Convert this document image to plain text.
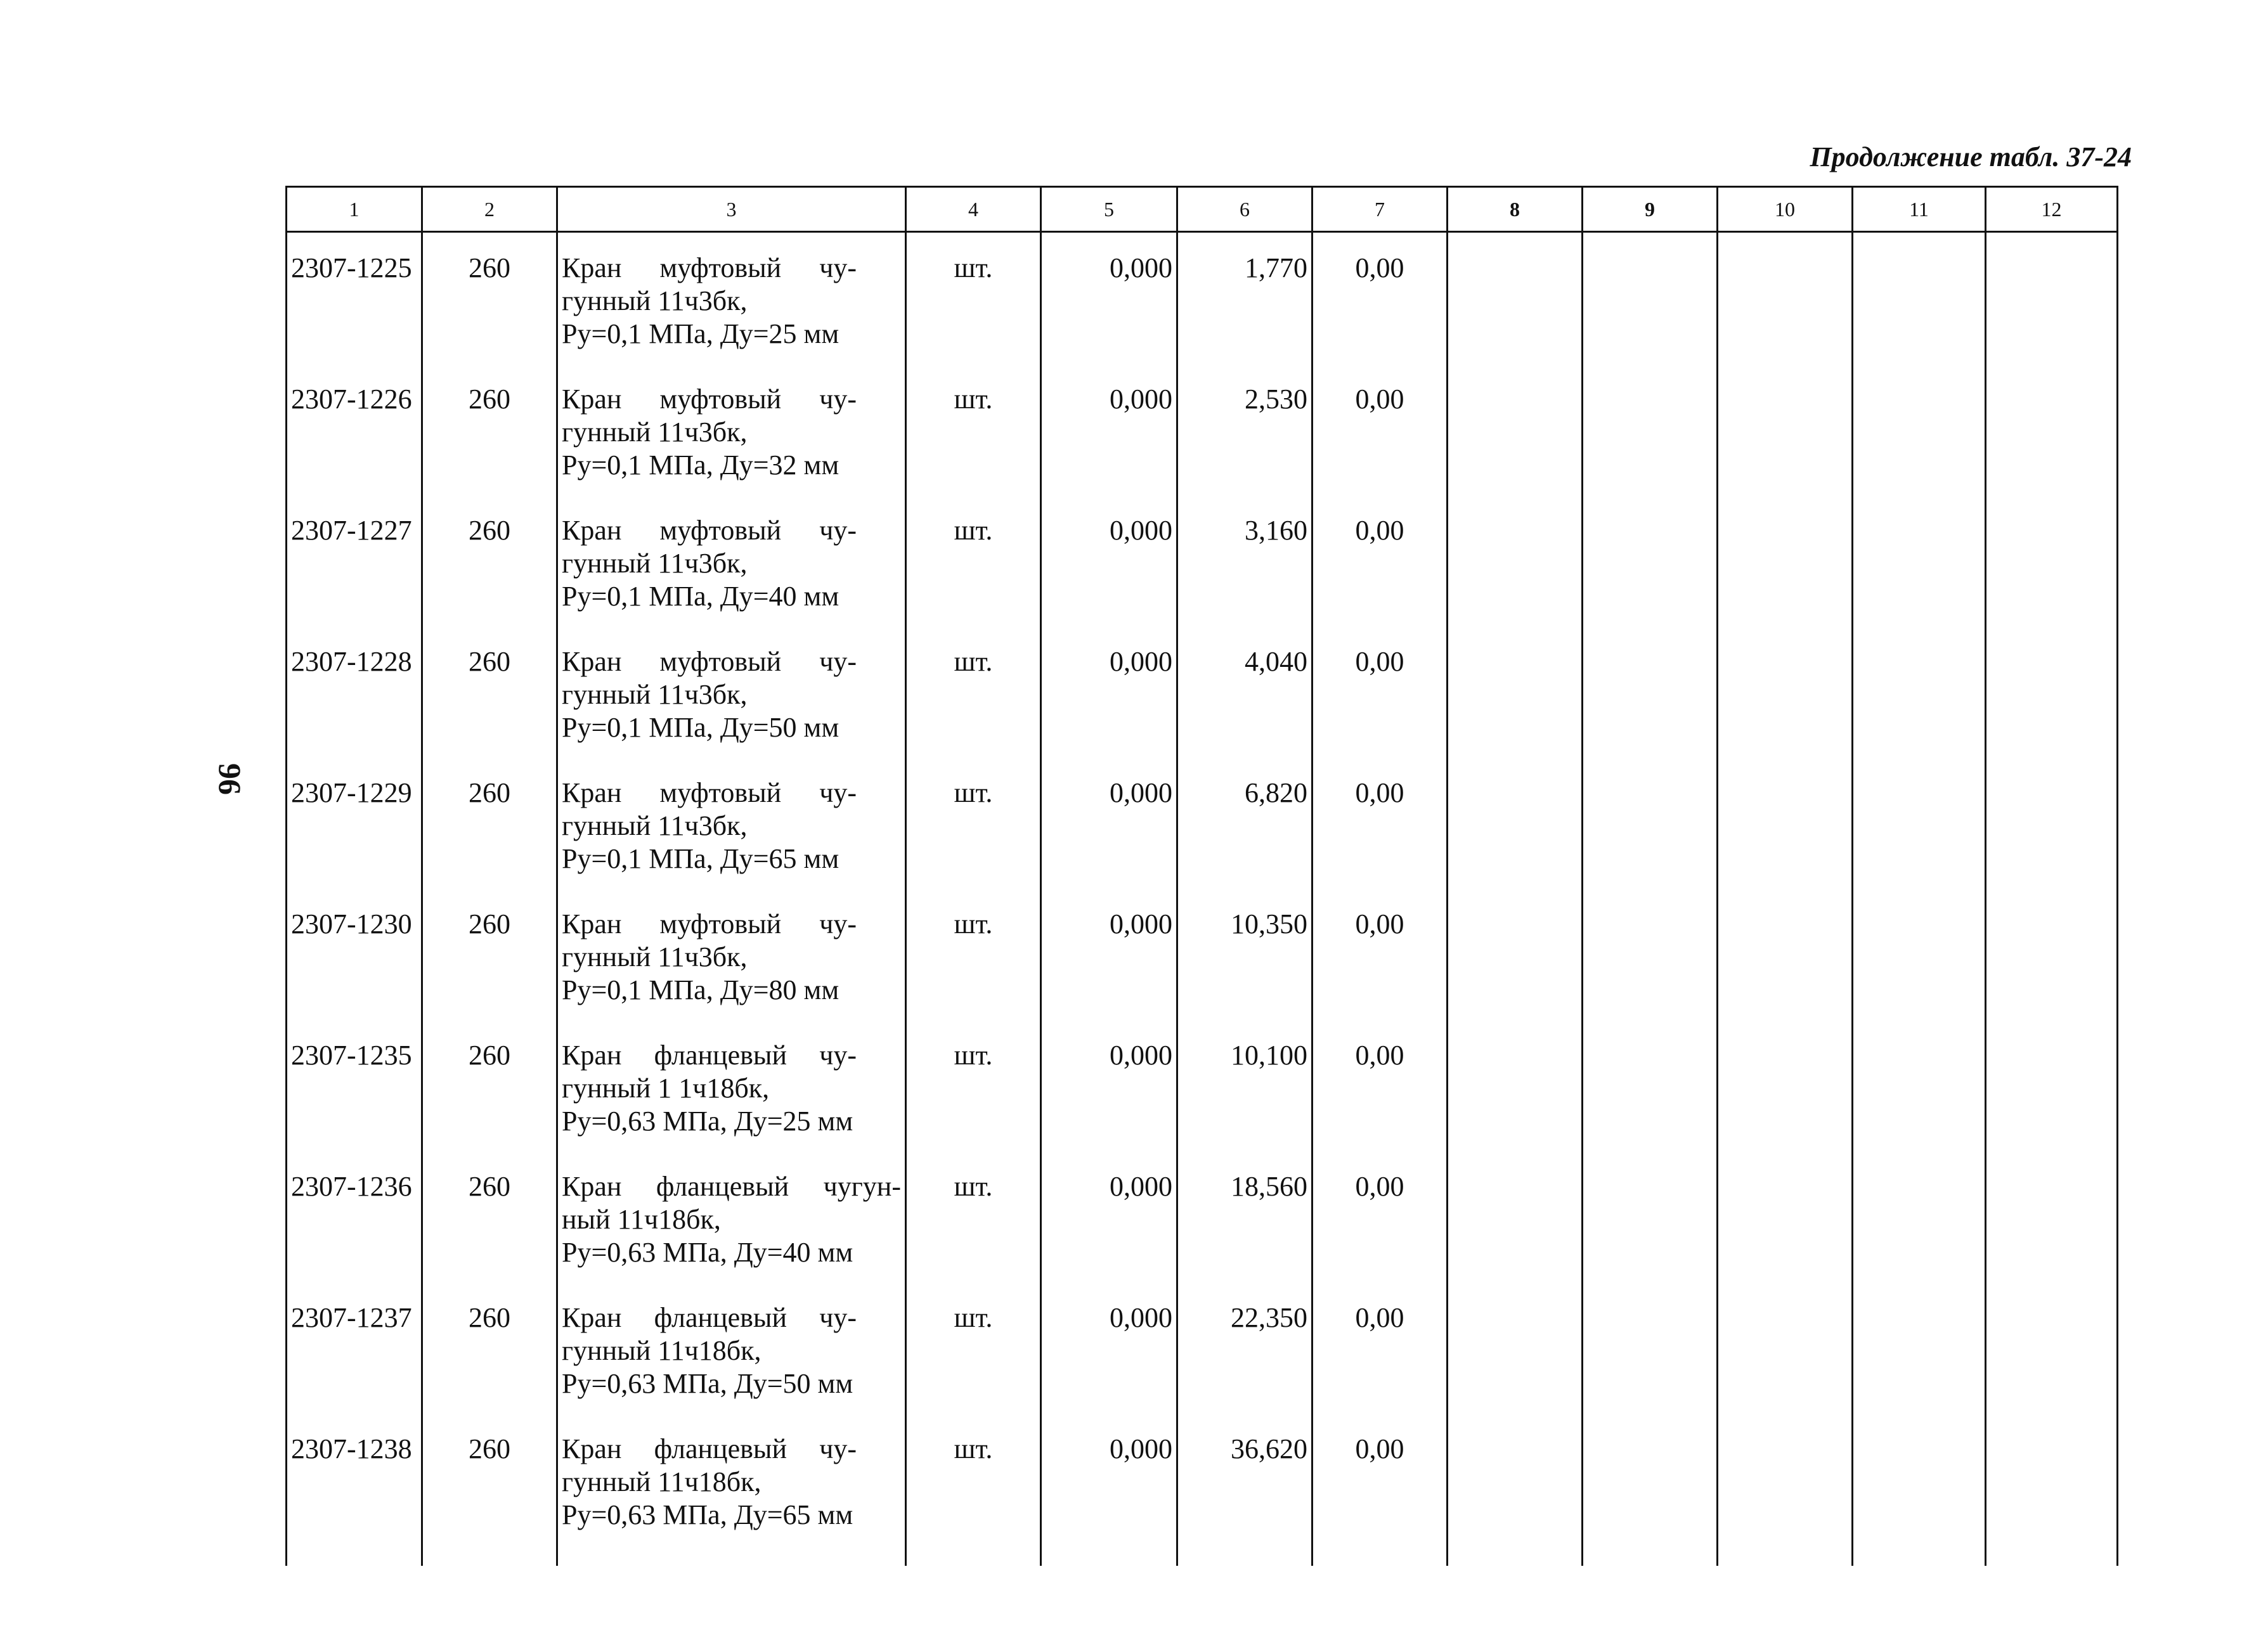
Продолжение табл. 37-24
96
1	2	3	4	5	6	7	8	9	10	11	12
2307-1225	260	Кран муфтовый чу-
гунный 11ч3бк,
Pу=0,1 МПа, Дy=25 мм	шт.	0,000	1,770	0,00					
2307-1226	260	Кран муфтовый чу-
гунный 11ч3бк,
Pу=0,1 МПа, Дy=32 мм	шт.	0,000	2,530	0,00					
2307-1227	260	Кран муфтовый чу-
гунный 11ч3бк,
Pу=0,1 МПа, Дy=40 мм	шт.	0,000	3,160	0,00					
2307-1228	260	Кран муфтовый чу-
гунный 11ч3бк,
Pу=0,1 МПа, Дy=50 мм	шт.	0,000	4,040	0,00					
2307-1229	260	Кран муфтовый чу-
гунный 11ч3бк,
Pу=0,1 МПа, Дy=65 мм	шт.	0,000	6,820	0,00					
2307-1230	260	Кран муфтовый чу-
гунный 11ч3бк,
Pу=0,1 МПа, Дy=80 мм	шт.	0,000	10,350	0,00					
2307-1235	260	Кран фланцевый чу-
гунный 1 1ч18бк,
Pу=0,63 МПа, Дy=25 мм	шт.	0,000	10,100	0,00					
2307-1236	260	Кран фланцевый чугун-
ный 11ч18бк,
Pу=0,63 МПа, Дy=40 мм	шт.	0,000	18,560	0,00					
2307-1237	260	Кран фланцевый чу-
гунный 11ч18бк,
Pу=0,63 МПа, Дy=50 мм	шт.	0,000	22,350	0,00					
2307-1238	260	Кран фланцевый чу-
гунный 11ч18бк,
Pу=0,63 МПа, Дy=65 мм	шт.	0,000	36,620	0,00					
